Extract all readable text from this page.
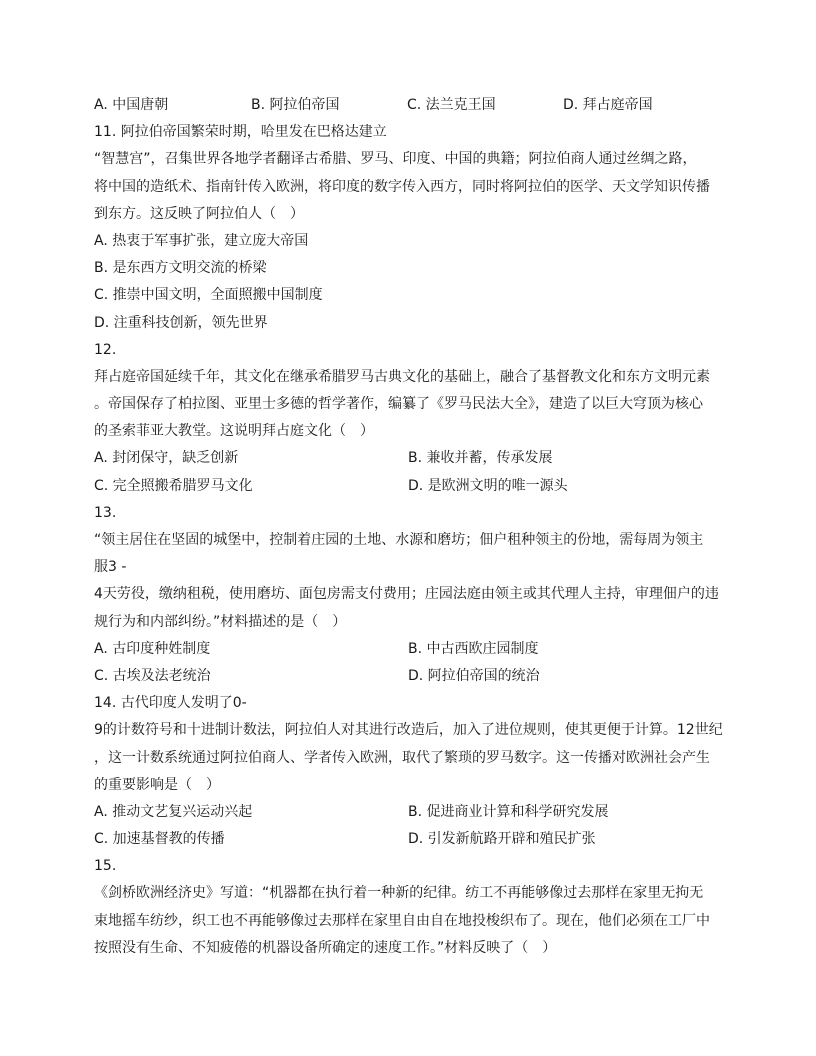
A. 中国唐朝	B. 阿拉伯帝国	C. 法兰克王国	D. 拜占庭帝国
11. 阿拉伯帝国繁荣时期，哈里发在巴格达建立
“智慧宫”，召集世界各地学者翻译古希腊、罗马、印度、中国的典籍；阿拉伯商人通过丝绸之路，
将中国的造纸术、指南针传入欧洲，将印度的数字传入西方，同时将阿拉伯的医学、天文学知识传播
到东方。这反映了阿拉伯人（　）
A. 热衷于军事扩张，建立庞大帝国
B. 是东西方文明交流的桥梁
C. 推崇中国文明，全面照搬中国制度
D. 注重科技创新，领先世界
12.
拜占庭帝国延续千年，其文化在继承希腊罗马古典文化的基础上，融合了基督教文化和东方文明元素
。帝国保存了柏拉图、亚里士多德的哲学著作，编纂了《罗马民法大全》，建造了以巨大穹顶为核心
的圣索菲亚大教堂。这说明拜占庭文化（　）
A. 封闭保守，缺乏创新	B. 兼收并蓄，传承发展
C. 完全照搬希腊罗马文化	D. 是欧洲文明的唯一源头
13.
“领主居住在坚固的城堡中，控制着庄园的土地、水源和磨坊；佃户租种领主的份地，需每周为领主
服3 -
4天劳役，缴纳租税，使用磨坊、面包房需支付费用；庄园法庭由领主或其代理人主持，审理佃户的违
规行为和内部纠纷。”材料描述的是（　）
A. 古印度种姓制度	B. 中古西欧庄园制度
C. 古埃及法老统治	D. 阿拉伯帝国的统治
14. 古代印度人发明了0-
9的计数符号和十进制计数法，阿拉伯人对其进行改造后，加入了进位规则，使其更便于计算。12世纪
，这一计数系统通过阿拉伯商人、学者传入欧洲，取代了繁琐的罗马数字。这一传播对欧洲社会产生
的重要影响是（　）
A. 推动文艺复兴运动兴起	B. 促进商业计算和科学研究发展
C. 加速基督教的传播	D. 引发新航路开辟和殖民扩张
15.
《剑桥欧洲经济史》写道：“机器都在执行着一种新的纪律。纺工不再能够像过去那样在家里无拘无
束地摇车纺纱，织工也不再能够像过去那样在家里自由自在地投梭织布了。现在，他们必须在工厂中
按照没有生命、不知疲倦的机器设备所确定的速度工作。”材料反映了（　）
